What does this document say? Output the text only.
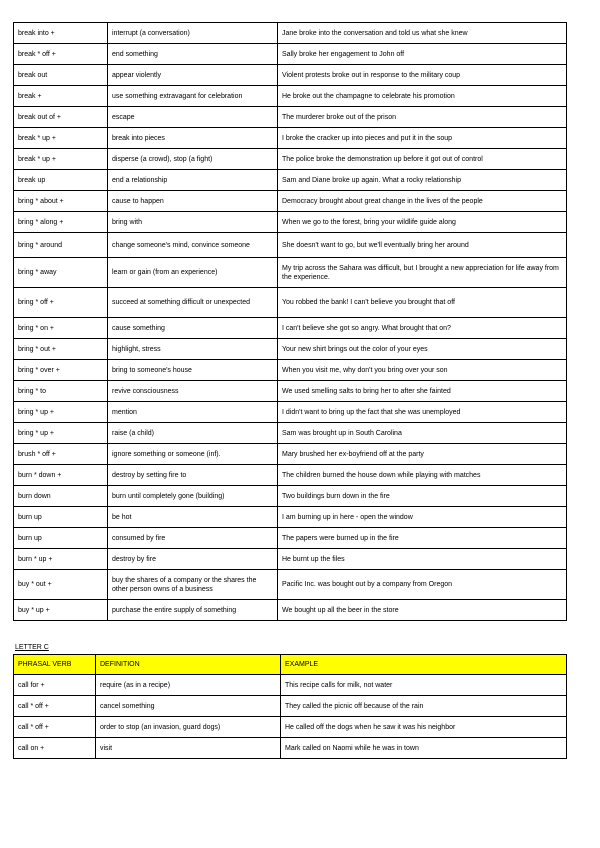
break into +	interrupt (a conversation)	Jane broke into the conversation and told us what she knew
break * off +	end something	Sally broke her engagement to John off
break out	appear violently	Violent protests broke out in response to the military coup
break +	use something extravagant for celebration	He broke out the champagne to celebrate his promotion
break out of +	escape	The murderer broke out of the prison
break * up +	break into pieces	I broke the cracker up into pieces and put it in the soup
break * up +	disperse (a crowd), stop (a fight)	The police broke the demonstration up before it got out of control
break up	end a relationship	Sam and Diane broke up again. What a rocky relationship
bring * about +	cause to happen	Democracy brought about great change in the lives of the people
bring * along +	bring with	When we go to the forest, bring your wildlife guide along
bring * around	change someone's mind, convince someone	She doesn't want to go, but we'll eventually bring her around
bring * away	learn or gain (from an experience)	My trip across the Sahara was difficult, but I brought a new appreciation for life away from the experience.
bring * off +	succeed at something difficult or unexpected	You robbed the bank! I can't believe you brought that off
bring * on +	cause something	I can't believe she got so angry. What brought that on?
bring * out +	highlight, stress	Your new shirt brings out the color of your eyes
bring * over +	bring to someone's house	When you visit me, why don't you bring over your son
bring * to	revive consciousness	We used smelling salts to bring her to after she fainted
bring * up +	mention	I didn't want to bring up the fact that she was unemployed
bring * up +	raise (a child)	Sam was brought up in South Carolina
brush * off +	ignore something or someone (inf).	Mary brushed her ex-boyfriend off at the party
burn * down +	destroy by setting fire to	The children burned the house down while playing with matches
burn down	burn until completely gone (building)	Two buildings burn down in the fire
burn up	be hot	I am burning up in here - open the window
burn up	consumed by fire	The papers were burned up in the fire
burn * up +	destroy by fire	He burnt up the files
buy * out +	buy the shares of a company or the shares the other person owns of a business	Pacific Inc. was bought out by a company from Oregon
buy * up +	purchase the entire supply of something	We bought up all the beer in the store
LETTER C
PHRASAL VERB	DEFINITION	EXAMPLE
call for +	require (as in a recipe)	This recipe calls for milk, not water
call * off +	cancel something	They called the picnic off because of the rain
call * off +	order to stop (an invasion, guard dogs)	He called off the dogs when he saw it was his neighbor
call on +	visit	Mark called on Naomi while he was in town
